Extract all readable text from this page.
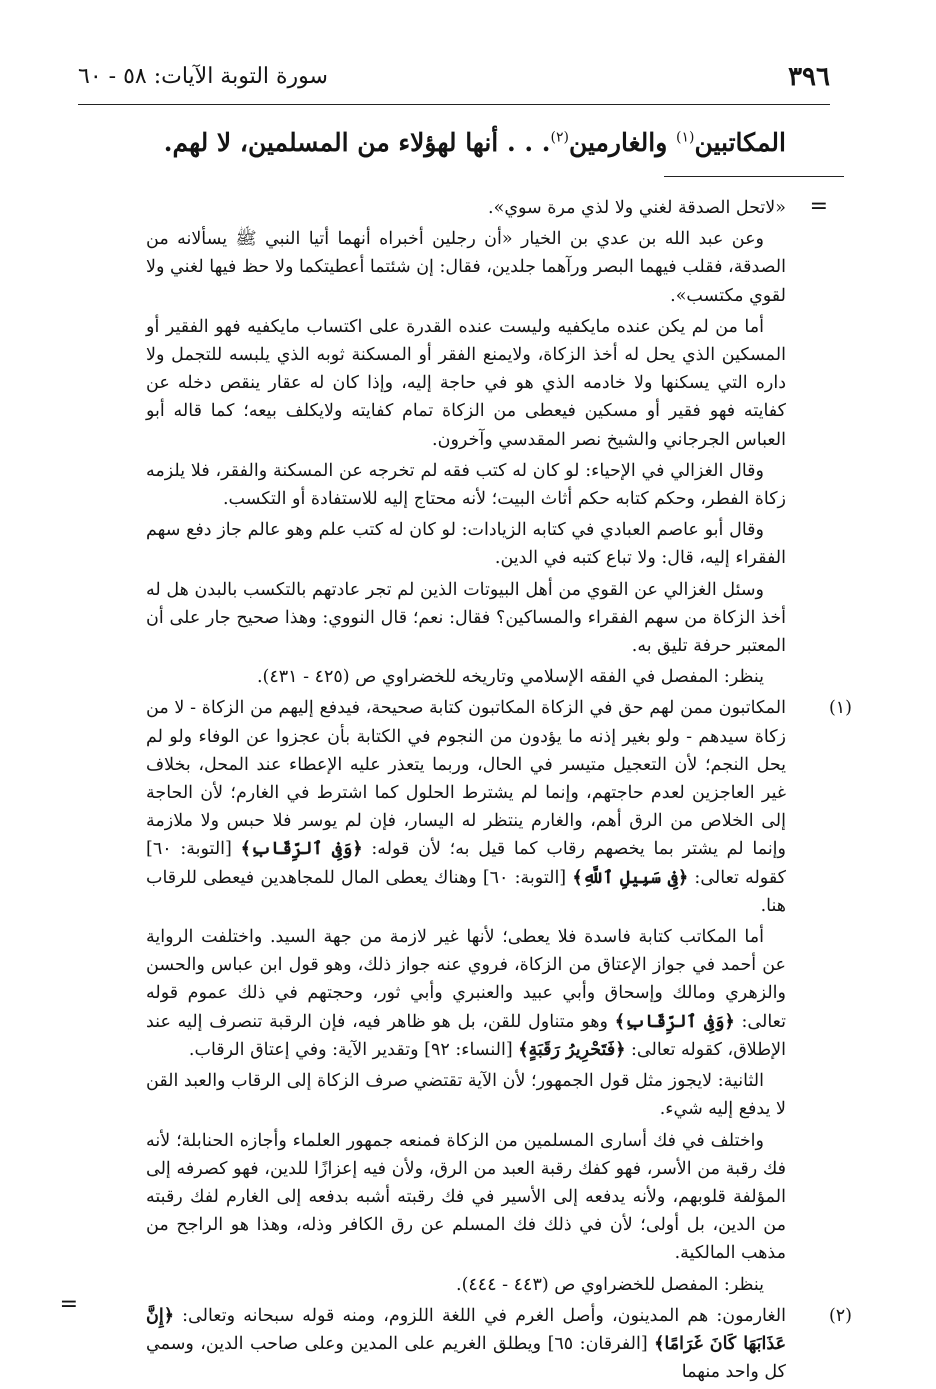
٣٩٦
سورة التوبة الآيات: ٥٨ - ٦٠
المكاتبين$^{(١)}$ والغارمين$^{(٢)}$. . . أنها لهؤلاء من المسلمين، لا لهم.
=
=

«لاتحل الصدقة لغني ولا لذي مرة سوي».

وعن عبد الله بن عدي بن الخيار «أن رجلين أخبراه أنهما أتيا النبي ﷺ يسألانه من الصدقة، فقلب فيهما البصر ورآهما جلدين، فقال: إن شئتما أعطيتكما ولا حظ فيها لغني ولا لقوي مكتسب».

أما من لم يكن عنده مايكفيه وليست عنده القدرة على اكتساب مايكفيه فهو الفقير أو المسكين الذي يحل له أخذ الزكاة، ولايمنع الفقر أو المسكنة ثوبه الذي يلبسه للتجمل ولا داره التي يسكنها ولا خادمه الذي هو في حاجة إليه، وإذا كان له عقار ينقص دخله عن كفايته فهو فقير أو مسكين فيعطى من الزكاة تمام كفايته ولايكلف بيعه؛ كما قاله أبو العباس الجرجاني والشيخ نصر المقدسي وآخرون.

وقال الغزالي في الإحياء: لو كان له كتب فقه لم تخرجه عن المسكنة والفقر، فلا يلزمه زكاة الفطر، وحكم كتابه حكم أثاث البيت؛ لأنه محتاج إليه للاستفادة أو التكسب.

وقال أبو عاصم العبادي في كتابه الزيادات: لو كان له كتب علم وهو عالم جاز دفع سهم الفقراء إليه، قال: ولا تباع كتبه في الدين.

وسئل الغزالي عن القوي من أهل البيوتات الذين لم تجر عادتهم بالتكسب بالبدن هل له أخذ الزكاة من سهم الفقراء والمساكين؟ فقال: نعم؛ قال النووي: وهذا صحيح جار على أن المعتبر حرفة تليق به.

ينظر: المفصل في الفقه الإسلامي وتاريخه للخضراوي ص (٤٢٥ - ٤٣١).

(١)

المكاتبون ممن لهم حق في الزكاة المكاتبون كتابة صحيحة، فيدفع إليهم من الزكاة - لا من زكاة سيدهم - ولو بغير إذنه ما يؤدون من النجوم في الكتابة بأن عجزوا عن الوفاء ولو لم يحل النجم؛ لأن التعجيل متيسر في الحال، وربما يتعذر عليه الإعطاء عند المحل، بخلاف غير العاجزين لعدم حاجتهم، وإنما لم يشترط الحلول كما اشترط في الغارم؛ لأن الحاجة إلى الخلاص من الرق أهم، والغارم ينتظر له اليسار، فإن لم يوسر فلا حبس ولا ملازمة وإنما لم يشتر بما يخصهم رقاب كما قيل به؛ لأن قوله: ﴿وَفِى ٱلرِّقَابِ﴾ [التوبة: ٦٠] كقوله تعالى: ﴿فِى سَبِيلِ ٱللَّهِ﴾ [التوبة: ٦٠] وهناك يعطى المال للمجاهدين فيعطى للرقاب هنا.

أما المكاتب كتابة فاسدة فلا يعطى؛ لأنها غير لازمة من جهة السيد. واختلفت الرواية عن أحمد في جواز الإعتاق من الزكاة، فروي عنه جواز ذلك، وهو قول ابن عباس والحسن والزهري ومالك وإسحاق وأبي عبيد والعنبري وأبي ثور، وحجتهم في ذلك عموم قوله تعالى: ﴿وَفِى ٱلرِّقَابِ﴾ وهو متناول للقن، بل هو ظاهر فيه، فإن الرقبة تنصرف إليه عند الإطلاق، كقوله تعالى: ﴿فَتَحْرِيرُ رَقَبَةٍ﴾ [النساء: ٩٢] وتقدير الآية: وفي إعتاق الرقاب.

الثانية: لايجوز مثل قول الجمهور؛ لأن الآية تقتضي صرف الزكاة إلى الرقاب والعبد القن لا يدفع إليه شيء.

واختلف في فك أسارى المسلمين من الزكاة فمنعه جمهور العلماء وأجازه الحنابلة؛ لأنه فك رقبة من الأسر، فهو كفك رقبة العبد من الرق، ولأن فيه إعزازًا للدين، فهو كصرفه إلى المؤلفة قلوبهم، ولأنه يدفعه إلى الأسير في فك رقبته أشبه بدفعه إلى الغارم لفك رقبته من الدين، بل أولى؛ لأن في ذلك فك المسلم عن رق الكافر وذله، وهذا هو الراجح من مذهب المالكية.

ينظر: المفصل للخضراوي ص (٤٤٣ - ٤٤٤).

(٢)

الغارمون: هم المدينون، وأصل الغرم في اللغة اللزوم، ومنه قوله سبحانه وتعالى: ﴿إِنَّ عَذَابَهَا كَانَ غَرَامًا﴾ [الفرقان: ٦٥] ويطلق الغريم على المدين وعلى صاحب الدين، وسمي كل واحد منهما
